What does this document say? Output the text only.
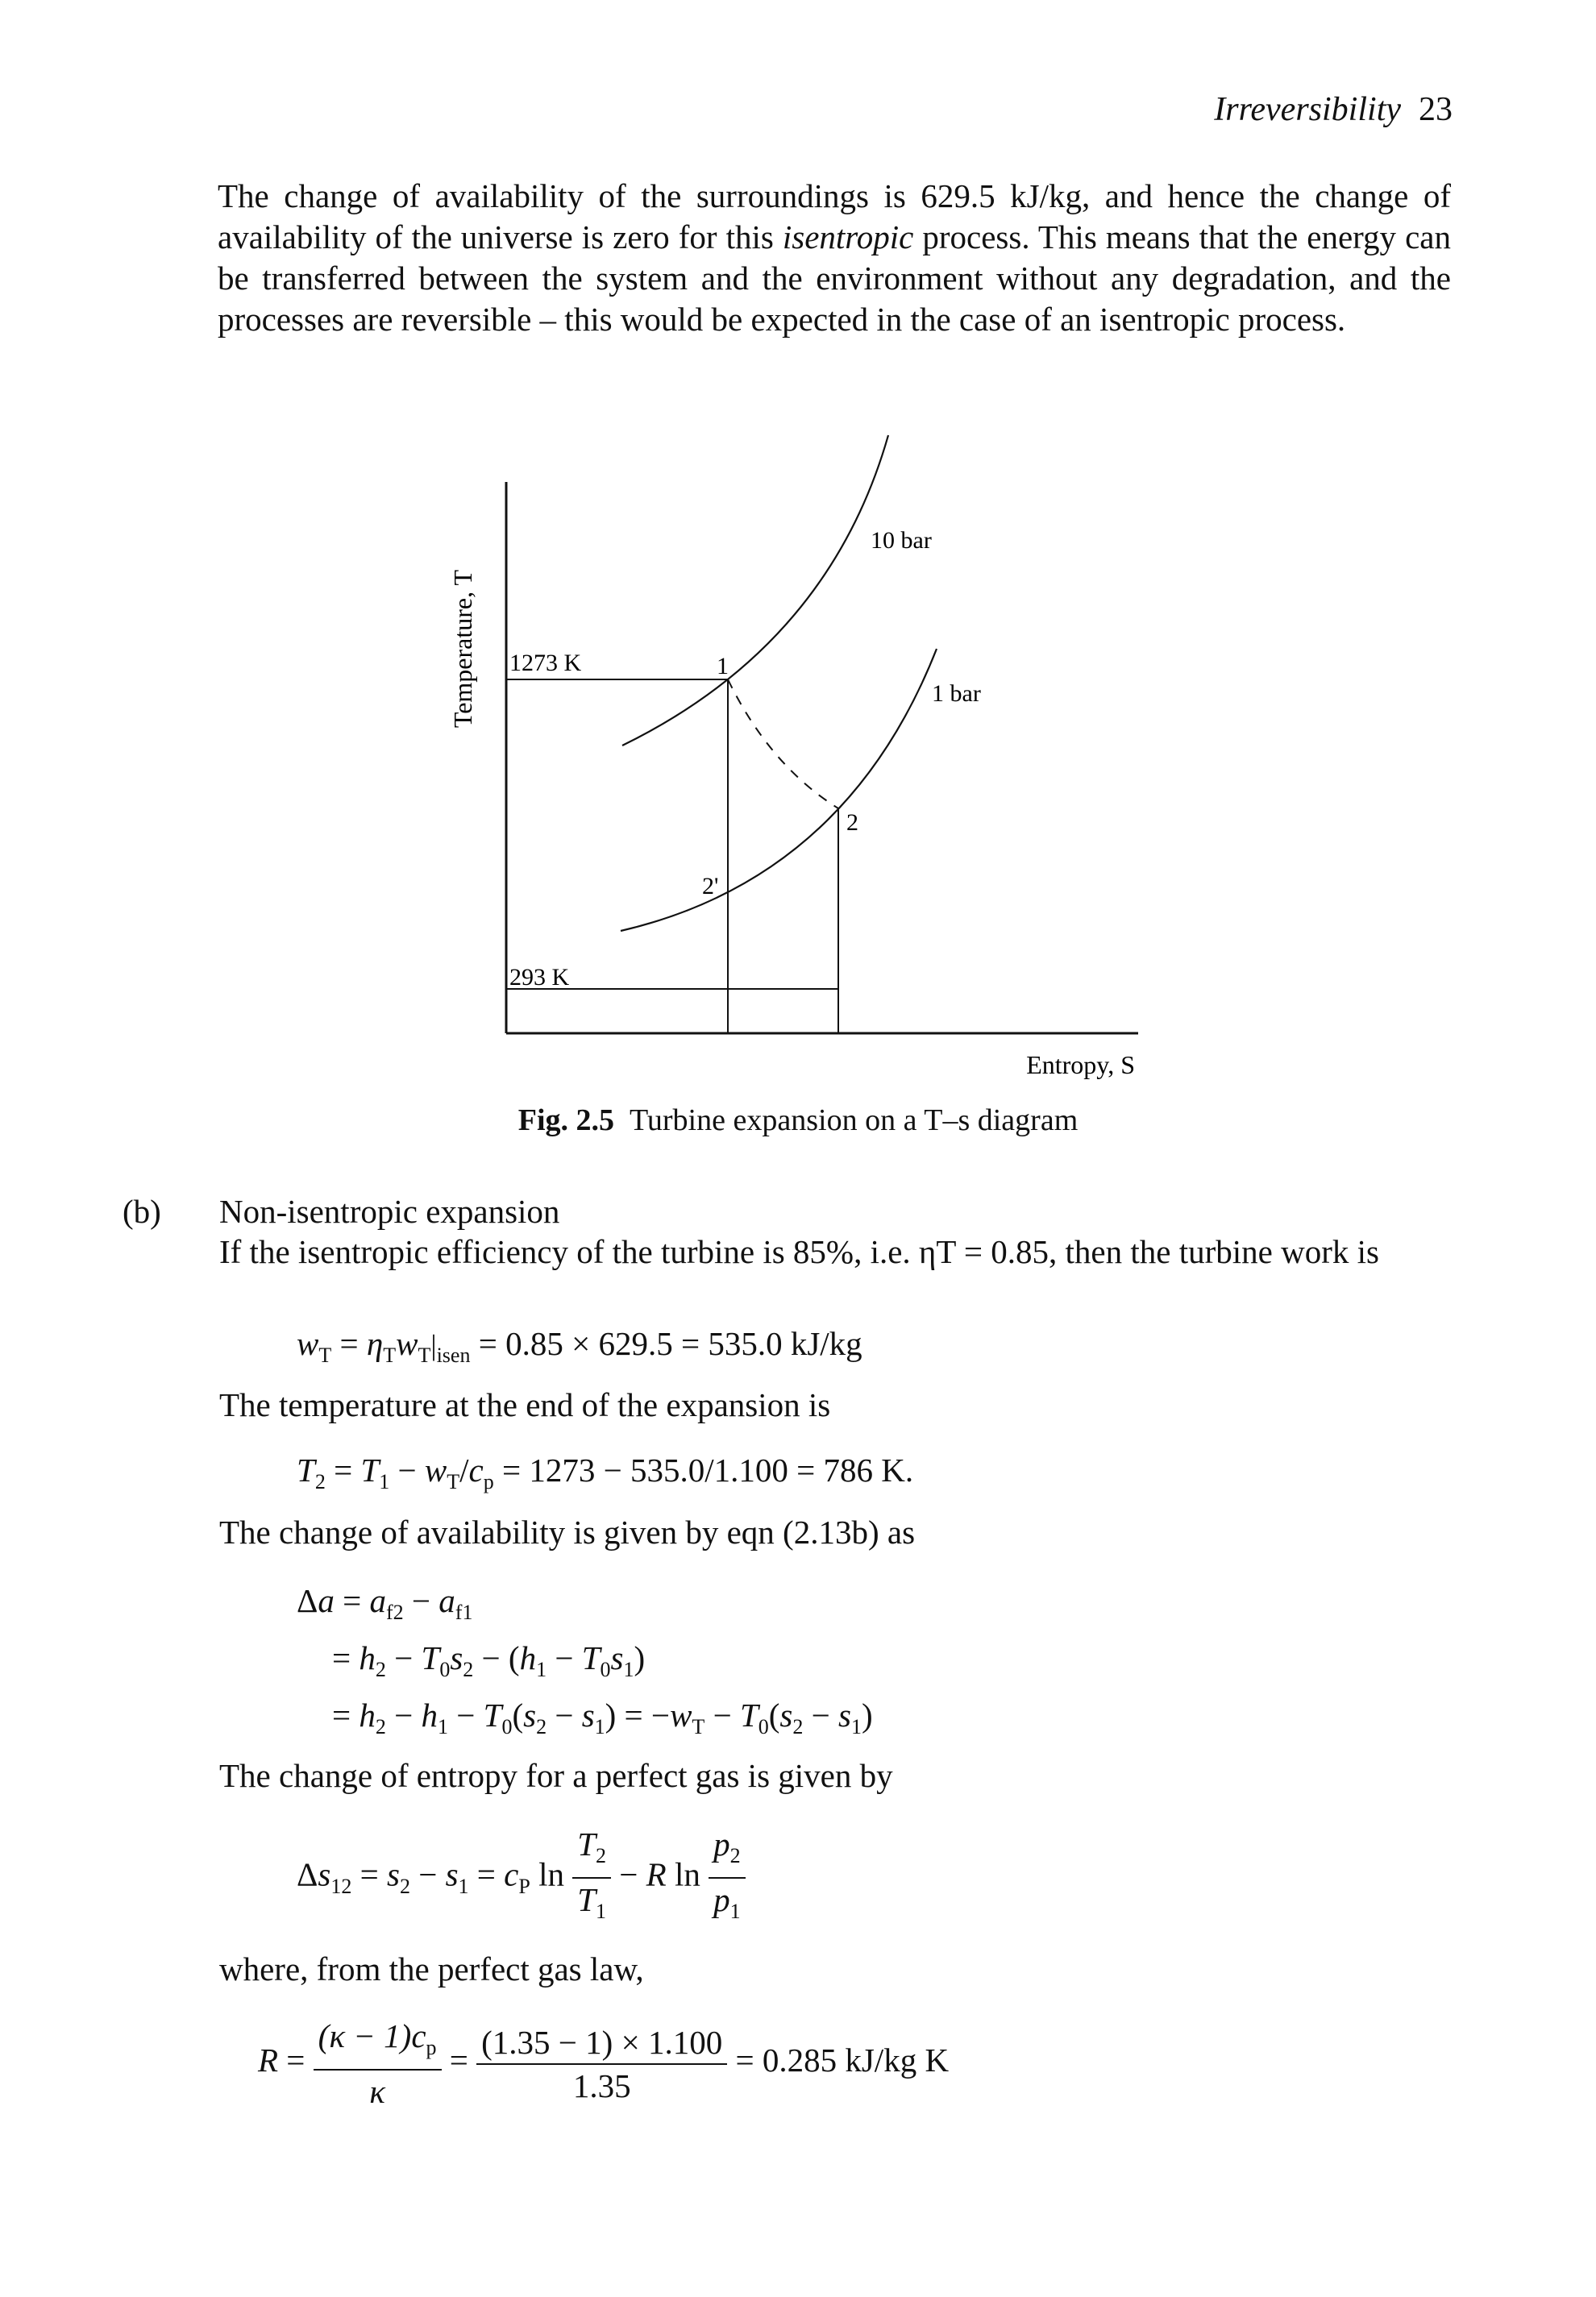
Irreversibility 23

The change of availability of the surroundings is 629.5 kJ/kg, and hence the change of availability of the universe is zero for this isentropic process. This means that the energy can be transferred between the system and the environment without any degradation, and the processes are reversible – this would be expected in the case of an isentropic process.

Temperature, T
Entropy, S
10 bar
1 bar
1273 K
293 K
1
2
2'
Fig. 2.5 Turbine expansion on a T–s diagram
(b) Non-isentropic expansion
If the isentropic efficiency of the turbine is 85%, i.e. ηT = 0.85, then the turbine work is
$w_T = \eta_Tw_T|_{isen} = 0.85 \times 629.5 = 535.0$ kJ/kg
The temperature at the end of the expansion is
$T_2 = T_1 - w_T/c_p = 1273 - 535.0/1.100 = 786$ K.
The change of availability is given by eqn (2.13b) as
$\Delta a = a_{f2} - a_{f1}$
= $h_2 - T_0s_2 - (h_1 - T_0s_1)$
= $h_2 - h_1 - T_0(s_2 - s_1) = -w_T - T_0(s_2 - s_1)$
The change of entropy for a perfect gas is given by
$\Delta s_{12} = s_2 - s_1 = c_P$ $\ln \frac{T_2}{T_1} - R$ $\ln \frac{p_2}{p_1}$
where, from the perfect gas law,
$R = \frac{(\kappa - 1)c_p}{\kappa} = \frac{(1.35 - 1) \times 1.100}{1.35} = 0.285$ kJ/kg K
